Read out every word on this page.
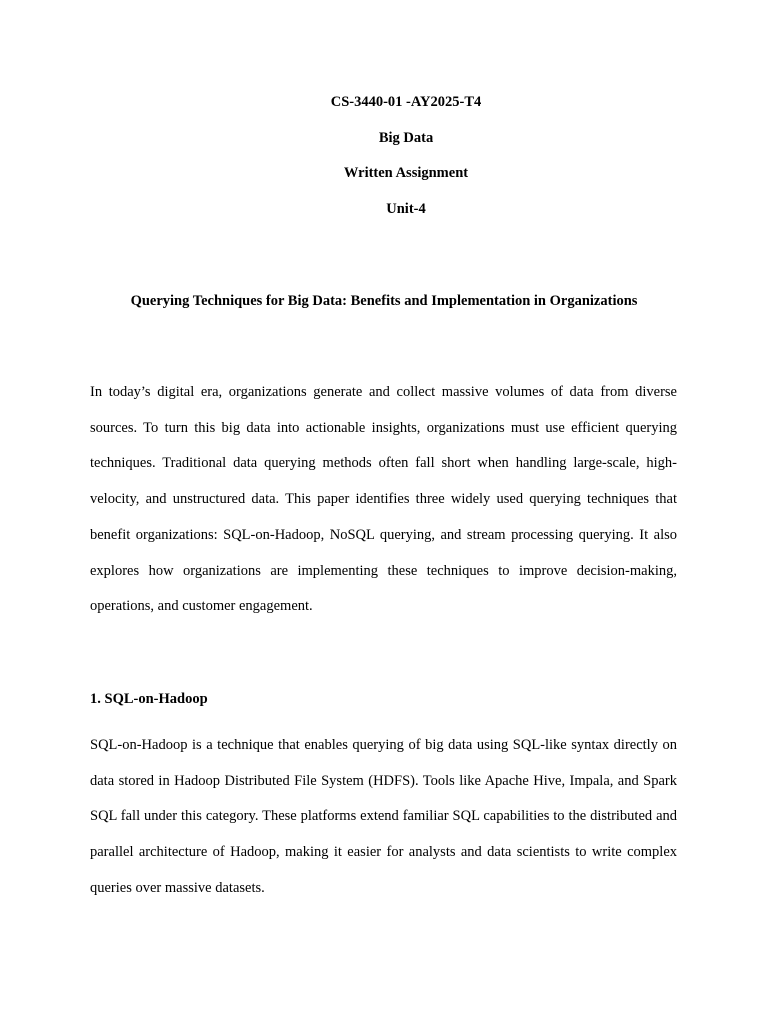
CS-3440-01 -AY2025-T4
Big Data
Written Assignment
Unit-4
Querying Techniques for Big Data: Benefits and Implementation in Organizations

In today’s digital era, organizations generate and collect massive volumes of data from diverse sources. To turn this big data into actionable insights, organizations must use efficient querying techniques. Traditional data querying methods often fall short when handling large-scale, high-velocity, and unstructured data. This paper identifies three widely used querying techniques that benefit organizations: SQL-on-Hadoop, NoSQL querying, and stream processing querying. It also explores how organizations are implementing these techniques to improve decision-making, operations, and customer engagement.

1. SQL-on-Hadoop

SQL-on-Hadoop is a technique that enables querying of big data using SQL-like syntax directly on data stored in Hadoop Distributed File System (HDFS). Tools like Apache Hive, Impala, and Spark SQL fall under this category. These platforms extend familiar SQL capabilities to the distributed and parallel architecture of Hadoop, making it easier for analysts and data scientists to write complex queries over massive datasets.
